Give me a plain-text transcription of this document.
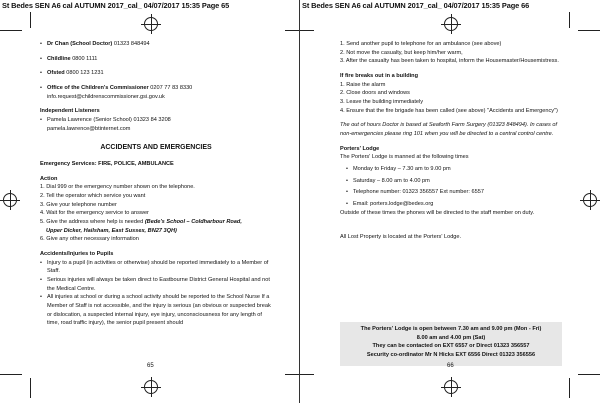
St Bedes SEN A6 cal AUTUMN 2017_cal_ 04/07/2017 15:35 Page 65	St Bedes SEN A6 cal AUTUMN 2017_cal_ 04/07/2017 15:35 Page 66
• Dr Chan (School Doctor) 01323 848494
• Childline 0800 1111
• Ofsted 0800 123 1231
• Office of the Children's Commissioner 0207 77 83 8330
info.request@childrenscommissioner.gsi.gov.uk
Independent Listeners
• Pamela Lawrence (Senior School) 01323 84 3208
pamela.lawrence@btinternet.com
ACCIDENTS AND EMERGENCIES
Emergency Services: FIRE, POLICE, AMBULANCE
Action
1. Dial 999 or the emergency number shown on the telephone.
2. Tell the operator which service you want
3. Give your telephone number
4. Wait for the emergency service to answer
5. Give the address where help is needed (Bede's School – Coldharbour Road,
Upper Dicker, Hailsham, East Sussex, BN27 3QH)
6. Give any other necessary information
Accidents/Injuries to Pupils
• Injury to a pupil (in activities or otherwise) should be reported immediately to a Member of Staff.
• Serious injuries will always be taken direct to Eastbourne District General Hospital and not the Medical Centre.
• All injuries at school or during a school activity should be reported to the School Nurse If a Member of Staff is not accessible, and the injury is serious (an obvious or suspected break or dislocation, a suspected internal injury, eye injury, unconsciousness for any length of time, road traffic injury), the senior pupil present should
65
1. Send another pupil to telephone for an ambulance (see above)
2. Not move the casualty, but keep him/her warm,
3. After the casualty has been taken to hospital, inform the Housemaster/Housemistress.
If fire breaks out in a building
1. Raise the alarm
2. Close doors and windows
3. Leave the building immediately
4. Ensure that the fire brigade has been called (see above) "Accidents and Emergency")
The out of hours Doctor is based at Seaforth Farm Surgery (01323 848494). In cases of non-emergencies please ring 101 when you will be directed to a central control centre.
Porters' Lodge
The Porters' Lodge is manned at the following times
• Monday to Friday – 7.30 am to 9.00 pm
• Saturday – 8.00 am to 4.00 pm
• Telephone number: 01323 356557 Ext number: 6557
• Email: porters.lodge@bedes.org
Outside of these times the phones will be directed to the staff member on duty.
All Lost Property is located at the Porters' Lodge.
The Porters' Lodge is open between 7.30 am and 9.00 pm (Mon - Fri)
8.00 am and 4.00 pm (Sat)
They can be contacted on EXT 6557 or Direct 01323 356557
Security co-ordinator Mr N Hicks EXT 6556 Direct 01323 356556
66
